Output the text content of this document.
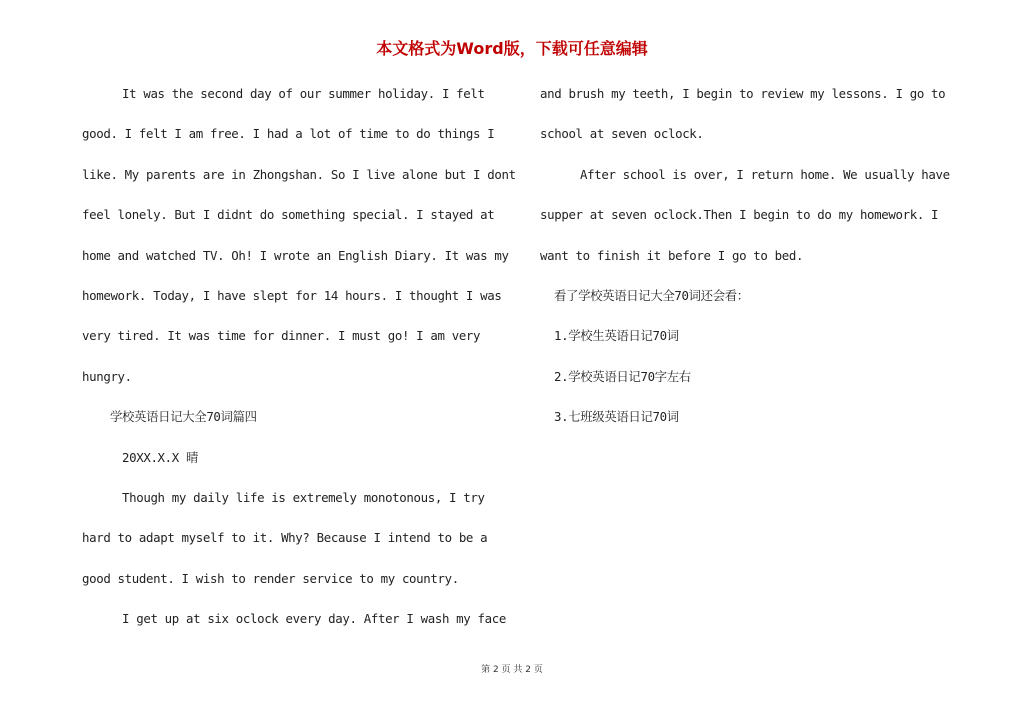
本文格式为Word版，下载可任意编辑
It was the second day of our summer holiday. I felt
good. I felt I am free. I had a lot of time to do things I
like. My parents are in Zhongshan. So I live alone but I dont
feel lonely. But I didnt do something special. I stayed at
home and watched TV. Oh! I wrote an English Diary. It was my
homework. Today, I have slept for 14 hours. I thought I was
very tired. It was time for dinner. I must go! I am very
hungry.
学校英语日记大全70词篇四
20XX.X.X 晴
Though my daily life is extremely monotonous, I try
hard to adapt myself to it. Why? Because I intend to be a
good student. I wish to render service to my country.
I get up at six oclock every day. After I wash my face
and brush my teeth, I begin to review my lessons. I go to
school at seven oclock.
After school is over, I return home. We usually have
supper at seven oclock.Then I begin to do my homework. I
want to finish it before I go to bed.
看了学校英语日记大全70词还会看：
1.学校生英语日记70词
2.学校英语日记70字左右
3.七班级英语日记70词
第 2 页 共 2 页
